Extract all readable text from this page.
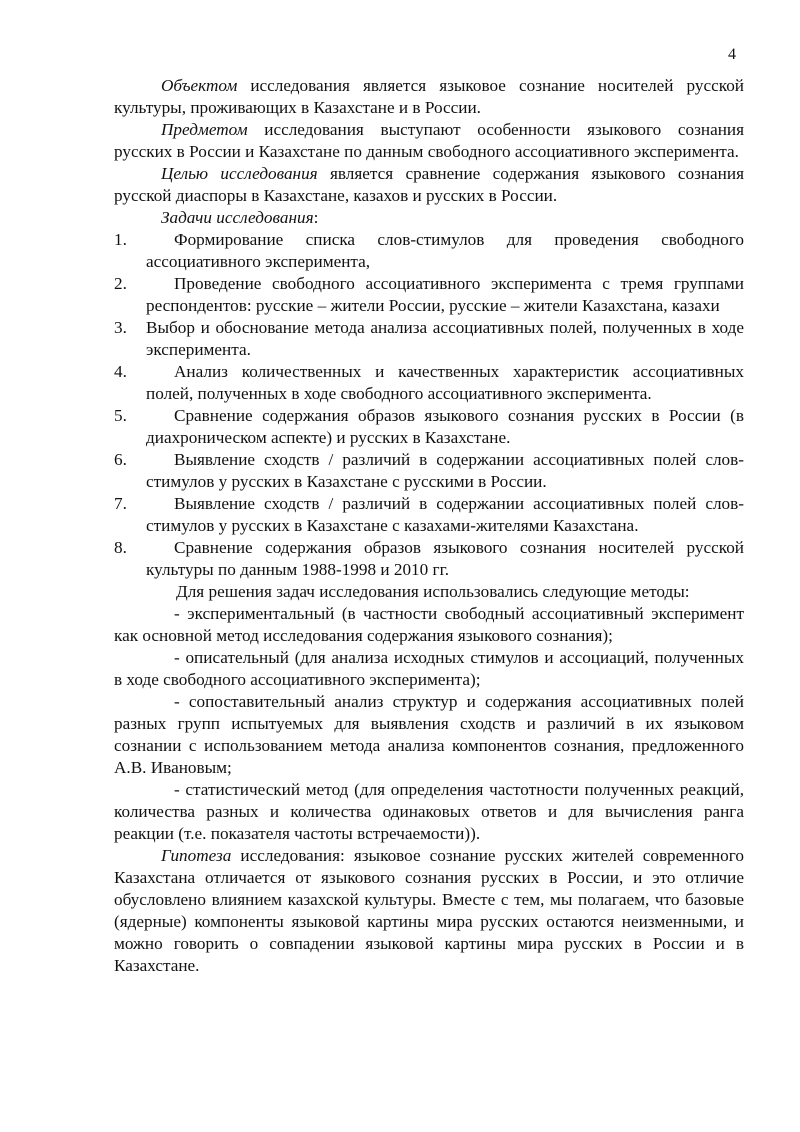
4

Объектом исследования является языковое сознание носителей русской культуры, проживающих в Казахстане и в России.

Предметом исследования выступают особенности языкового сознания русских в России и Казахстане по данным свободного ассоциативного эксперимента.

Целью исследования является сравнение содержания языкового сознания русской диаспоры в Казахстане, казахов и русских в России.

Задачи исследования:

1.	Формирование списка слов-стимулов для проведения свободного ассоциативного эксперимента,
2.	Проведение свободного ассоциативного эксперимента с тремя группами респондентов: русские – жители России, русские – жители Казахстана, казахи
3. Выбор и обоснование метода анализа ассоциативных полей, полученных в ходе эксперимента.
4.	Анализ количественных и качественных характеристик ассоциативных полей, полученных в ходе свободного ассоциативного эксперимента.
5.	Сравнение содержания образов языкового сознания русских в России (в диахроническом аспекте) и русских в Казахстане.
6.	Выявление сходств / различий в содержании ассоциативных полей слов-стимулов у русских в Казахстане с русскими в России.
7.	Выявление сходств / различий в содержании ассоциативных полей слов-стимулов у русских в Казахстане с казахами-жителями Казахстана.
8.	Сравнение содержания образов языкового сознания носителей русской культуры по данным 1988-1998 и 2010 гг.

Для решения задач исследования использовались следующие методы:

- экспериментальный (в частности свободный ассоциативный эксперимент как основной метод исследования содержания языкового сознания);

- описательный (для анализа исходных стимулов и ассоциаций, полученных в ходе свободного ассоциативного эксперимента);

- сопоставительный анализ структур и содержания ассоциативных полей разных групп испытуемых для выявления сходств и различий в их языковом сознании с использованием метода анализа компонентов сознания, предложенного А.В. Ивановым;

- статистический метод (для определения частотности полученных реакций, количества разных и количества одинаковых ответов и для вычисления ранга реакции (т.е. показателя частоты встречаемости)).

Гипотеза исследования: языковое сознание русских жителей современного Казахстана отличается от языкового сознания русских в России, и это отличие обусловлено влиянием казахской культуры. Вместе с тем, мы полагаем, что базовые (ядерные) компоненты языковой картины мира русских остаются неизменными, и можно говорить о совпадении языковой картины мира русских в России и в Казахстане.
